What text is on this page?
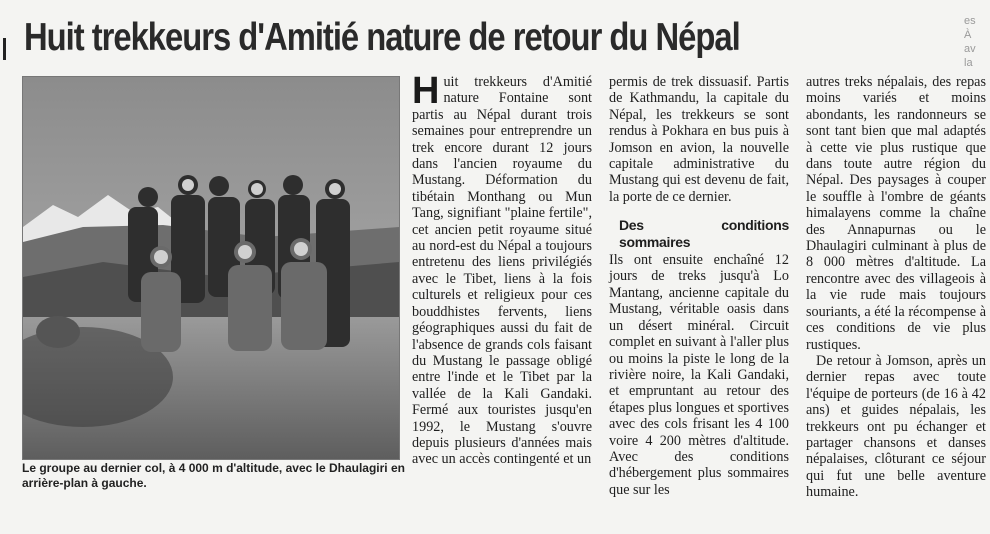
Huit trekkeurs d'Amitié nature de retour du Népal	es
À
av
la
Le groupe au dernier col, à 4 000 m d'altitude, avec le Dhaulagiri en arrière-plan à gauche.

Huit trekkeurs d'Amitié nature Fontaine sont partis au Népal durant trois semaines pour entreprendre un trek encore durant 12 jours dans l'ancien royaume du Mustang. Déformation du tibétain Monthang ou Mun Tang, signifiant "plaine fertile", cet ancien petit royaume situé au nord-est du Népal a toujours entretenu des liens privilégiés avec le Tibet, liens à la fois culturels et religieux pour ces bouddhistes fervents, liens géographiques aussi du fait de l'absence de grands cols faisant du Mustang le passage obligé entre l'inde et le Tibet par la vallée de la Kali Gandaki. Fermé aux touristes jusqu'en 1992, le Mustang s'ouvre depuis plusieurs d'années mais avec un accès contingenté et un

permis de trek dissuasif. Partis de Kathmandu, la capitale du Népal, les trekkeurs se sont rendus à Pokhara en bus puis à Jomson en avion, la nouvelle capitale administrative du Mustang qui est devenu de fait, la porte de ce dernier.

Des conditions sommaires

Ils ont ensuite enchaîné 12 jours de treks jusqu'à Lo Mantang, ancienne capitale du Mustang, véritable oasis dans un désert minéral. Circuit complet en suivant à l'aller plus ou moins la piste le long de la rivière noire, la Kali Gandaki, et empruntant au retour des étapes plus longues et sportives avec des cols frisant les 4 100 voire 4 200 mètres d'altitude. Avec des conditions d'hébergement plus sommaires que sur les

autres treks népalais, des repas moins variés et moins abondants, les randonneurs se sont tant bien que mal adaptés à cette vie plus rustique que dans toute autre région du Népal. Des paysages à couper le souffle à l'ombre de géants himalayens comme la chaîne des Annapurnas ou le Dhaulagiri culminant à plus de 8 000 mètres d'altitude. La rencontre avec des villageois à la vie rude mais toujours souriants, a été la récompense à ces conditions de vie plus rustiques.

De retour à Jomson, après un dernier repas avec toute l'équipe de porteurs (de 16 à 42 ans) et guides népalais, les trekkeurs ont pu échanger et partager chansons et danses népalaises, clôturant ce séjour qui fut une belle aventure humaine.
